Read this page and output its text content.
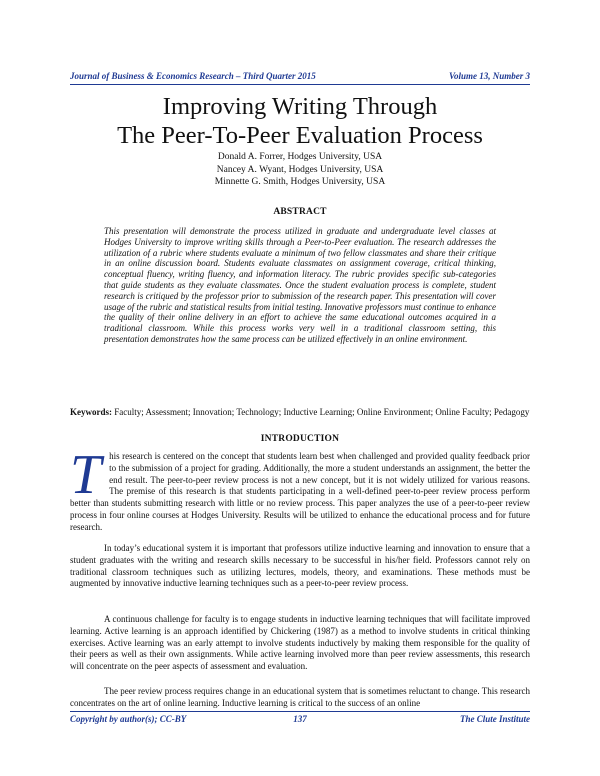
Journal of Business & Economics Research – Third Quarter 2015	Volume 13, Number 3
Improving Writing Through
The Peer-To-Peer Evaluation Process
Donald A. Forrer, Hodges University, USA
Nancey A. Wyant, Hodges University, USA
Minnette G. Smith, Hodges University, USA
ABSTRACT
This presentation will demonstrate the process utilized in graduate and undergraduate level classes at Hodges University to improve writing skills through a Peer-to-Peer evaluation. The research addresses the utilization of a rubric where students evaluate a minimum of two fellow classmates and share their critique in an online discussion board. Students evaluate classmates on assignment coverage, critical thinking, conceptual fluency, writing fluency, and information literacy. The rubric provides specific sub-categories that guide students as they evaluate classmates. Once the student evaluation process is complete, student research is critiqued by the professor prior to submission of the research paper. This presentation will cover usage of the rubric and statistical results from initial testing. Innovative professors must continue to enhance the quality of their online delivery in an effort to achieve the same educational outcomes acquired in a traditional classroom. While this process works very well in a traditional classroom setting, this presentation demonstrates how the same process can be utilized effectively in an online environment.
Keywords: Faculty; Assessment; Innovation; Technology; Inductive Learning; Online Environment; Online Faculty; Pedagogy
INTRODUCTION
This research is centered on the concept that students learn best when challenged and provided quality feedback prior to the submission of a project for grading. Additionally, the more a student understands an assignment, the better the end result. The peer-to-peer review process is not a new concept, but it is not widely utilized for various reasons. The premise of this research is that students participating in a well-defined peer-to-peer review process perform better than students submitting research with little or no review process. This paper analyzes the use of a peer-to-peer review process in four online courses at Hodges University. Results will be utilized to enhance the educational process and for future research.
In today’s educational system it is important that professors utilize inductive learning and innovation to ensure that a student graduates with the writing and research skills necessary to be successful in his/her field. Professors cannot rely on traditional classroom techniques such as utilizing lectures, models, theory, and examinations. These methods must be augmented by innovative inductive learning techniques such as a peer-to-peer review process.
A continuous challenge for faculty is to engage students in inductive learning techniques that will facilitate improved learning. Active learning is an approach identified by Chickering (1987) as a method to involve students in critical thinking exercises. Active learning was an early attempt to involve students inductively by making them responsible for the quality of their peers as well as their own assignments. While active learning involved more than peer review assessments, this research will concentrate on the peer aspects of assessment and evaluation.
The peer review process requires change in an educational system that is sometimes reluctant to change. This research concentrates on the art of online learning. Inductive learning is critical to the success of an online
Copyright by author(s); CC-BY	137	The Clute Institute
